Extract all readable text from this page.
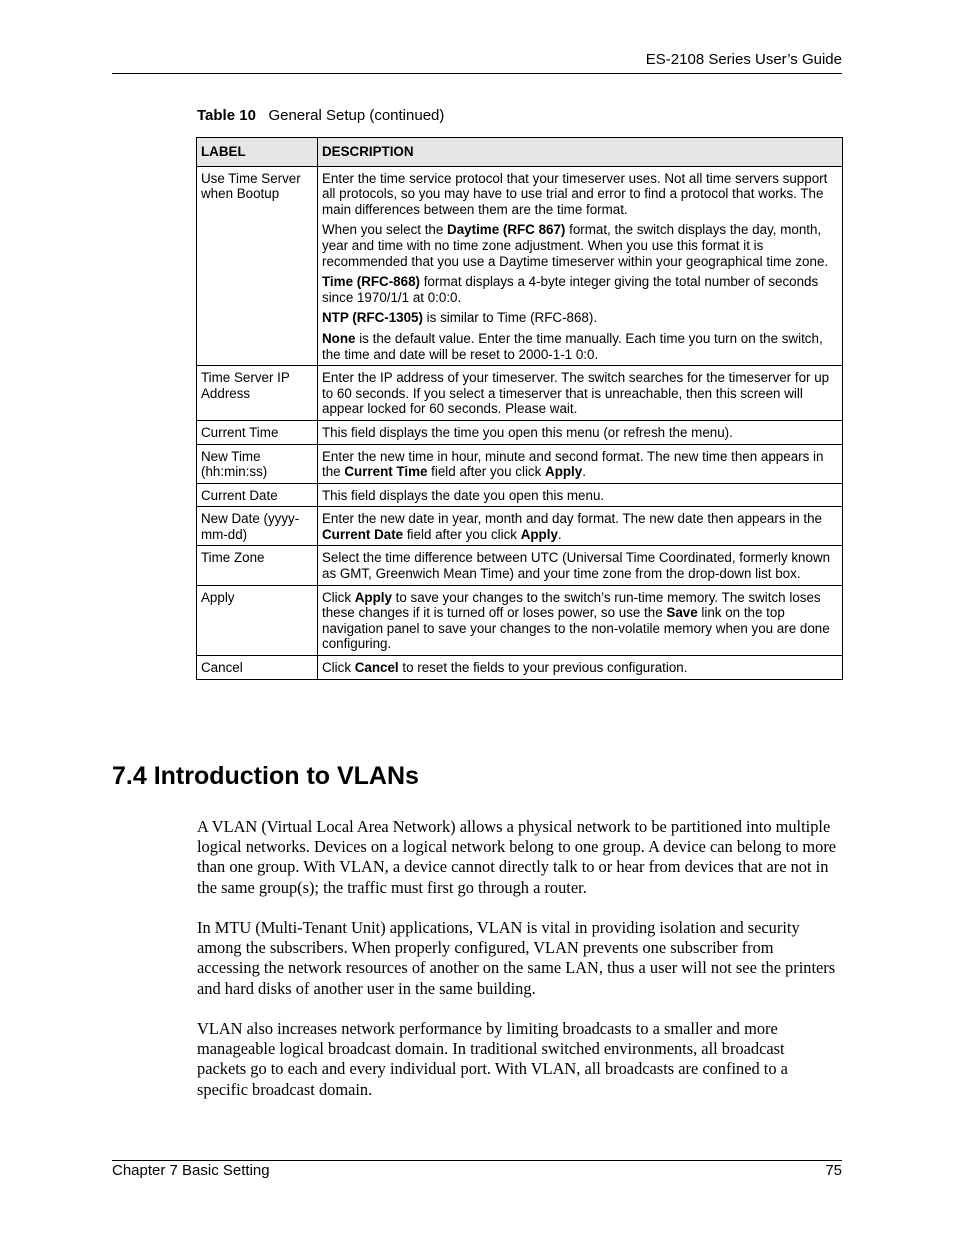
ES-2108 Series User’s Guide
Table 10 General Setup (continued)
LABEL	DESCRIPTION
Use Time Server when Bootup	Enter the time service protocol that your timeserver uses. Not all time servers support all protocols, so you may have to use trial and error to find a protocol that works. The main differences between them are the time format.

When you select the Daytime (RFC 867) format, the switch displays the day, month, year and time with no time zone adjustment. When you use this format it is recommended that you use a Daytime timeserver within your geographical time zone.

Time (RFC-868) format displays a 4-byte integer giving the total number of seconds since 1970/1/1 at 0:0:0.

NTP (RFC-1305) is similar to Time (RFC-868).

None is the default value. Enter the time manually. Each time you turn on the switch, the time and date will be reset to 2000-1-1 0:0.

Time Server IP Address	Enter the IP address of your timeserver. The switch searches for the timeserver for up to 60 seconds. If you select a timeserver that is unreachable, then this screen will appear locked for 60 seconds. Please wait.

Current Time	This field displays the time you open this menu (or refresh the menu).

New Time (hh:min:ss)	Enter the new time in hour, minute and second format. The new time then appears in the Current Time field after you click Apply.

Current Date	This field displays the date you open this menu.

New Date (yyyy-mm-dd)	Enter the new date in year, month and day format. The new date then appears in the Current Date field after you click Apply.

Time Zone	Select the time difference between UTC (Universal Time Coordinated, formerly known as GMT, Greenwich Mean Time) and your time zone from the drop-down list box.

Apply	Click Apply to save your changes to the switch’s run-time memory. The switch loses these changes if it is turned off or loses power, so use the Save link on the top navigation panel to save your changes to the non-volatile memory when you are done configuring.

Cancel	Click Cancel to reset the fields to your previous configuration.

7.4 Introduction to VLANs

A VLAN (Virtual Local Area Network) allows a physical network to be partitioned into multiple logical networks. Devices on a logical network belong to one group. A device can belong to more than one group. With VLAN, a device cannot directly talk to or hear from devices that are not in the same group(s); the traffic must first go through a router.

In MTU (Multi-Tenant Unit) applications, VLAN is vital in providing isolation and security among the subscribers. When properly configured, VLAN prevents one subscriber from accessing the network resources of another on the same LAN, thus a user will not see the printers and hard disks of another user in the same building.

VLAN also increases network performance by limiting broadcasts to a smaller and more manageable logical broadcast domain. In traditional switched environments, all broadcast packets go to each and every individual port. With VLAN, all broadcasts are confined to a specific broadcast domain.

Chapter 7 Basic Setting	75
